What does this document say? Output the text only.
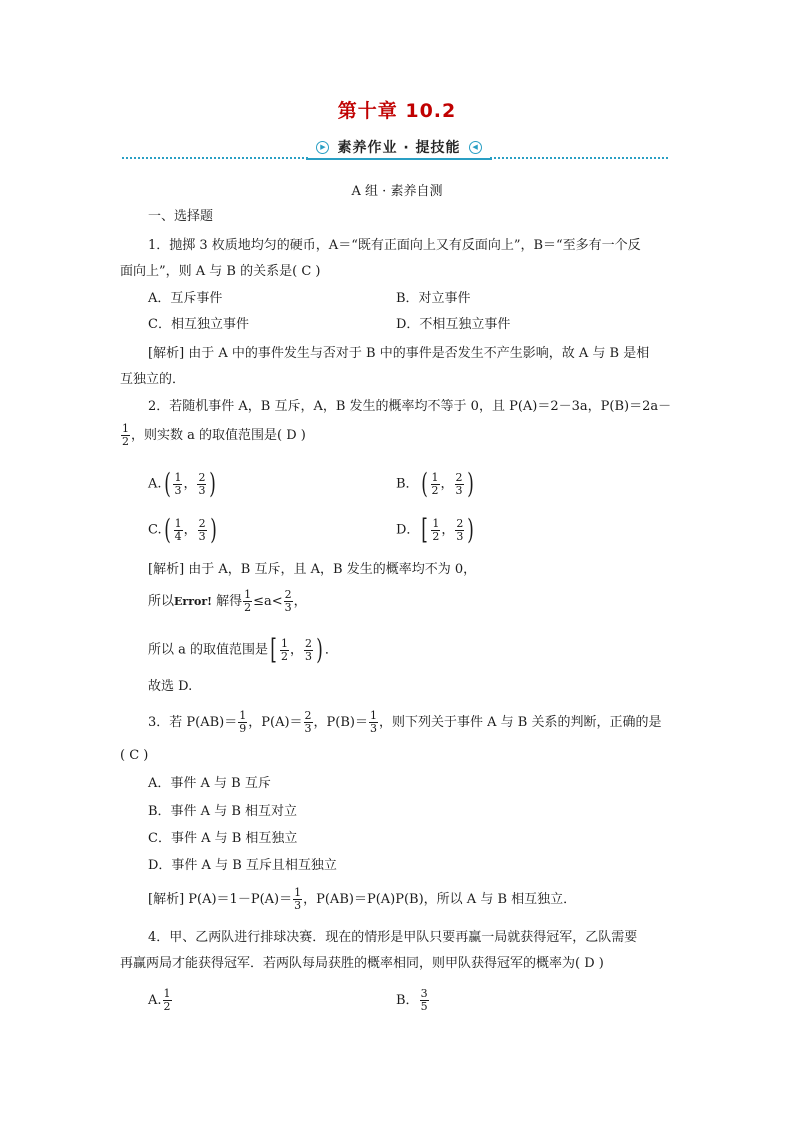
第十章 10.2
▶ 素养作业 · 提技能	◀
A 组 · 素养自测
一、选择题
1．抛掷 3 枚质地均匀的硬币，A＝“既有正面向上又有反面向上”，B＝“至多有一个反
面向上”，则 A 与 B 的关系是( C )
A．互斥事件	B．对立事件
C．相互独立事件	D．不相互独立事件
[解析] 由于 A 中的事件发生与否对于 B 中的事件是否发生不产生影响，故 A 与 B 是相
互独立的．
2．若随机事件 A，B 互斥，A，B 发生的概率均不等于 0，且 P(A)＝2－3a，P(B)＝2a－
$\frac{1}{2}$ ，则实数 a 的取值范围是( D )
$A.( \frac{1}{3}$ ， $\frac{2}{3}$ )	B．( $\frac{1}{2}$ ， $\frac{2}{3}$ )
$C.( \frac{1}{4}$ ， $\frac{2}{3}$ )	D．[ $\frac{1}{2}$ ， $\frac{2}{3}$ )
[解析] 由于 A，B 互斥，且 A，B 发生的概率均不为 0，
所以Error! 解得 $\frac{1}{2} \le a< \frac{2}{3}$ ，
所以 a 的取值范围是[ $\frac{1}{2}$ ， $\frac{2}{3}$ ) ．
故选 D.
3．若 $P(AB)= \frac{1}{9}$ ，$P(A)= \frac{2}{3}$ ，$P(B)= \frac{1}{3}$ ，则下列关于事件 A 与 B 关系的判断，正确的是
( C )
A．事件 A 与 B 互斥
B．事件 A 与 B 相互对立
C．事件 A 与 B 相互独立
D．事件 A 与 B 互斥且相互独立
[解析] $P(A)=1-P(A)= \frac{1}{3}$ ，P(AB)＝P(A)P(B)，所以 A 与 B 相互独立．
4．甲、乙两队进行排球决赛．现在的情形是甲队只要再赢一局就获得冠军，乙队需要
再赢两局才能获得冠军．若两队每局获胜的概率相同，则甲队获得冠军的概率为( D )
A. $\frac{1}{2}$	B． $\frac{3}{5}$
